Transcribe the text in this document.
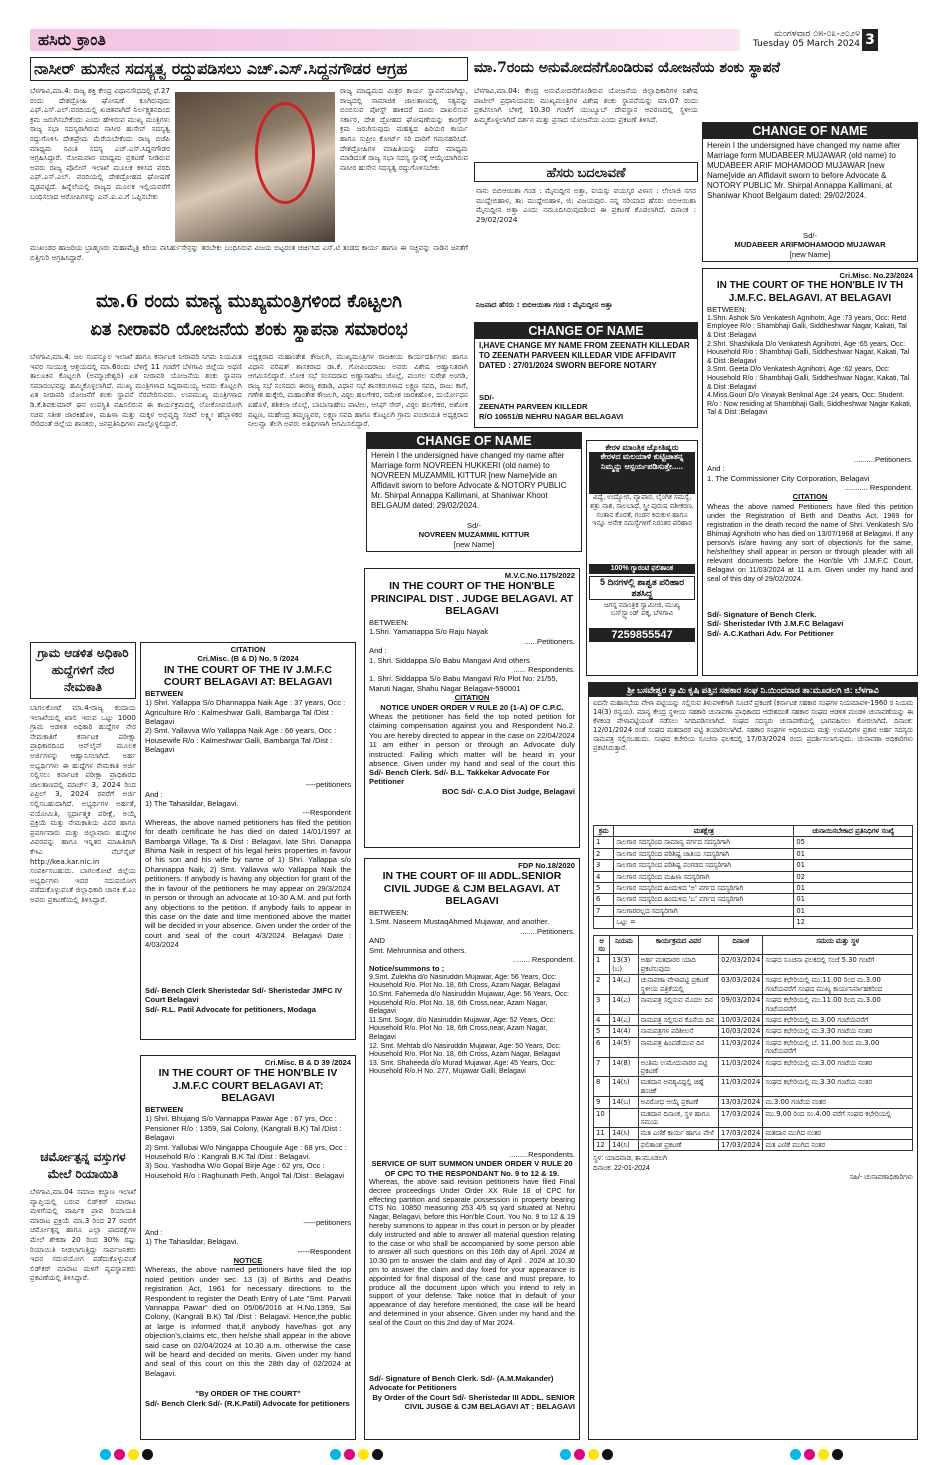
ಹಸಿರು ಕ್ರಾಂತಿ	ಮಂಗಳವಾರ ೦೫-೦೩-೨೦೨೪
Tuesday 05 March 2024 3
ನಾಸೀರ್ ಹುಸೇನ ಸದಸ್ಯತ್ವ ರದ್ದುಪಡಿಸಲು ಎಚ್.ಎಸ್.ಸಿದ್ದನಗೌಡರ ಆಗ್ರಹ
ಬೆಳಗಾವಿ,ಮಾ.4: ರಾಜ್ಯ ಶಕ್ತಿ ಕೇಂದ್ರ ವಿಧಾನಸೌಧದಲ್ಲಿ ಫೆ.27 ರಂದು ದೇಶದ್ರೋಹಿ ಘೋಷಣೆ ಕೂಗಿರುವುದು ಎಫ್.ಎಸ್.ಎಲ್.ವರದಿಯಲ್ಲಿ ಖಚಿತವಾಗಿದೆ ನಿರ್ಲಕ್ಷ್ಯತನದಿಂದ ಕ್ರಮ ಜರುಗಿಸಬೇಕೆಂದು ಎಂದು ಹೇಳಿರುವ ಮುಖ್ಯ ಮಂತ್ರಿಗಳು ರಾಜ್ಯ ಸಭಾ ಸದಸ್ಯರಾಗಿರುವ ನಾಸೀರ ಹುಸೇನ್ ಸದಸ್ಯತ್ವ ರದ್ದುಗೊಳಿಸಿ ದೇಶಪ್ರೇಮ ಮೆರೆಯಬೇಕೆಂದು ರಾಜ್ಯ ಬಿಜೆಪಿ ಮಾಧ್ಯಮ ಸಮಿತಿ ಸದಸ್ಯ ಎಚ್.ಎಸ್.ಸಿದ್ದನಗೌಡರ ಆಗ್ರಹಿಸಿದ್ದಾರೆ. ಸೋಮವಾರ ಮಾಧ್ಯಮ ಪ್ರಕಟಣೆ ನೀಡಿರುವ ಅವರು ರಾಜ್ಯ ಪೊಲೀಸ್ ಇಲಾಖೆ ಮೂಲಕ ಕಳಿಸಿದ ವರದಿ ಎಫ್.ಎಸ್.ಎಲ್. ವರದಿಯಲ್ಲಿ ದೇಶದ್ರೋಹದ ಘೋಷಣೆ ದೃಢಪಟ್ಟಿದೆ. ಹಿನ್ನೆಲೆಯಲ್ಲಿ ರಾಜ್ಯದ ಮೂಲಕ ಇಲ್ಲಿಯವರೆಗೆ ಬಂಧಿಸಲಾದ ಆರೋಪಿಗಳನ್ನು ಎನ್.ಐ.ಎ.ಗೆ ಒಪ್ಪಿಸಬೇಕು
ರಾಜ್ಯ ಮಾಧ್ಯಮದ ಮಿತ್ರರ ಕಾರ್ಯ ಸ್ಥಾಪನೆಯಾಗಿದ್ದು, ರಾಜ್ಯದಲ್ಲಿ ಸಾಮಾಜಿಕ ಜಾಲತಾಣದಲ್ಲಿ ಸತ್ಯವನ್ನು ಬಿಂಬಿಸುವ ಪೋಸ್ಟ್ ಹಾಕಿದರೆ ದೂರು ದಾಖಲಿಸುವ ಸರ್ಕಾರ, ದೇಶ ದ್ರೋಹದ ಘೋಷಣೆಯನ್ನು ಕಾಂಗ್ರೆಸ್ ಕ್ರಮ ಜರುಗಿಸುವುದು ಮಹತ್ವದ ಹಿರಿಯರ ಕಾರ್ಯ ಹಾಗೂ ಸುಪ್ರೀಂ ಕೋರ್ಟ್ ಸರಿ ದಾರಿಗೆ ಗಮನಹರಿಸಿದೆ. ದೇಶದ್ರೋಹಿಗಳ ಮಾಹಿತಿಯನ್ನು ಪಡೆದ ಮಾಧ್ಯಮ ಮಾಡಿದಂತೆ ರಾಜ್ಯ ಸಭಾ ಸದಸ್ಯ ಸ್ಥಾನಕ್ಕೆ ಆಯ್ಕೆಯಾಗಿರುವ ನಾಸೀರ ಹುಸೇನ ಸದಸ್ಯತ್ವ ರದ್ದುಗೊಳಿಸಬೇಕು
ಮುಖಂಡರ ಹಾಜರಿಯ ಬ್ರಾಹ್ಮಣರು ಮಹಾಮೈತ್ರಿ ಕಿರಿಯ ನಾಸಿರ್ಹುಸೇನ್ರನ್ನು ತರಬೇಕು ಬಂಧಿಸಿರುವ ವಿಜಯ ಬಿಟ್ಟರಂತ ಚರ್ಚಿಸಿದ ಎಸ್.ಟಿ ತಂಡದ ಕಾರ್ಯ ಹಾಗೂ ಈ ಸಚ್ಚಿವನ್ನು ನಾಡಿನ ಜನತೆಗೆ ಬಿತ್ತಿಗುರಿ ಆಗ್ರಹಿಸಿದ್ದಾರೆ.
ಮಾ.6 ರಂದು ಮಾನ್ಯ ಮುಖ್ಯಮಂತ್ರಿಗಳಿಂದ ಕೊಟ್ಟಲಗಿ
ಏತ ನೀರಾವರಿ ಯೋಜನೆಯ ಶಂಕು ಸ್ಥಾಪನಾ ಸಮಾರಂಭ
ಬೆಳಗಾವಿ,ಮಾ.4: ಜಲ ಸಂಪನ್ಮೂಲ ಇಲಾಖೆ ಹಾಗೂ ಕರ್ನಾಟಕ ನೀರಾವರಿ ನಿಗಮ ನಿಯಮಿತ ಇವರ ಸಂಯುಕ್ತ ಆಶ್ರಯದಲ್ಲಿ ಮಾ.6ರಂದು ಬೆಳಿಗ್ಗೆ 11 ಗಂಟೆಗೆ ಬೆಳಗಾವಿ ಜಿಲ್ಲೆಯ ಅಥಣಿ ತಾಲೂಕಿನ ಕೊಟ್ಟಲಗಿ (ಅಮ್ಮಾಜೇಶ್ವರಿ) ಏತ ನೀರಾವರಿ ಯೋಜನೆಯ ಶಂಕು ಸ್ಥಾಪನಾ ಸಮಾರಂಭವನ್ನು ಹಮ್ಮಿಕೊಳ್ಳಲಾಗಿದೆ. ಮುಖ್ಯ ಮಂತ್ರಿಗಳಾದ ಸಿದ್ದರಾಮಯ್ಯ ಅವರು ಕೊಟ್ಟಲಗಿ ಏತ ನೀರಾವರಿ ಯೋಜನೆಗೆ ಶಂಕು ಸ್ಥಾಪನೆ ನೆರವೇರಿಸುವರು. ಉಪಮುಖ್ಯ ಮಂತ್ರಿಗಳಾದ ಡಿ.ಕೆ.ಶಿವಕುಮಾರ್ ಘನ ಉಪಸ್ಥಿತಿ ವಹಿಸಲಿರುವ ಈ ಕಾರ್ಯಕ್ರಮದಲ್ಲಿ ಲೋಕೋಪಯೋಗಿ ಸಚಿವ ಸತೀಶ ಜಾರಕಿಹೊಳಿ, ಮಹಿಳಾ ಮತ್ತು ಮಕ್ಕಳ ಅಭಿವೃದ್ಧಿ ಸಚಿವೆ ಲಕ್ಷ್ಮೀ ಹೆಬ್ಬಾಳಕರ ಸೇರಿದಂತೆ ಜಿಲ್ಲೆಯ ಶಾಸಕರು, ಜನಪ್ರತಿನಿಧಿಗಳು ಪಾಲ್ಗೊಳ್ಳಲಿದ್ದಾರೆ.
ಅಧ್ಯಕ್ಷರಾದ ಮಹಾಂತೇಶ ಕೌಜಲಗಿ, ಮುಖ್ಯಮಂತ್ರಿಗಳ ರಾಜಕೀಯ ಕಾರ್ಯದರ್ಶಿಗಳು ಹಾಗೂ ವಿಧಾನ ಪರಿಷತ್ ಶಾಸಕರಾದ ಡಾ.ಕೆ. ಗೋವಿಂದರಾಜು ಅವರು ವಿಶೇಷ ಆಹ್ವಾನಿತರಾಗಿ ಆಗಮಿಸಲಿದ್ದಾರೆ. ಲೋಕ ಸಭೆ ಸಂಸದರಾದ ಅಣ್ಣಾಸಾಹೇಬ ಜೊಲ್ಲೆ, ಮಂಗಲ ಸುರೇಶ ಅಂಗಡಿ, ರಾಜ್ಯ ಸಭೆ ಸಂಸದರು ಈರಣ್ಣ ಕಡಾಡಿ, ವಿಧಾನ ಸಭೆ ಶಾಸಕರುಗಳಾದ ಲಕ್ಷ್ಮಣ ಸವದಿ, ರಾಜು ಕಾಗೆ, ಗಣೇಶ ಹುಕ್ಕೇರಿ, ಮಹಾಂತೇಶ ಕೌಜಲಗಿ, ವಿಠ್ಠಲ ಹಲಗೇಕರ, ರಮೇಶ ಜಾರಕಿಹೊಳಿ, ದುರ್ಯೋಧನ ಐಹೊಳೆ, ಶಶಿಕಲಾ ಜೊಲ್ಲೆ, ಬಾಬಾಸಾಹೇಬ ಪಾಟೀಲ, ಆಸಿಫ್ ಸೇಠ್, ವಿಠ್ಠಲ ಹಲಗೇಕರ, ಅಶೋಕ ಪಟ್ಟಣ, ಮಹೇಂದ್ರ ತಮ್ಮಣ್ಣವರ, ಲಕ್ಷ್ಮಣ ಸವದಿ ಹಾಗೂ ಕೊಟ್ಟಲಗಿ ಗ್ರಾಮ ಪಂಚಾಯತಿ ಅಧ್ಯಕ್ಷರಾದ ನೀಲವ್ವಾ ತೆಲಗಿ ಅವರು ಅತಿಥಿಗಳಾಗಿ ಆಗಮಿಸಲಿದ್ದಾರೆ.
ಮಾ.7ರಂದು ಅನುಮೋದನೆಗೊಂಡಿರುವ ಯೋಜನೆಯ ಶಂಕು ಸ್ಥಾಪನೆ
ಬೆಳಗಾವಿ,ಮಾ.04: ಕೇಂದ್ರ ಅನುಮೋದನೆಗೊಂಡಿರುವ ಯೋಜನೆಯ ಜಿಲ್ಲಾಧಿಕಾರಿಗಳ ನಿಶೇಷ ಪಾಟೀಲ್ ಪ್ರಧಾನಿಯವರು ಮುಖ್ಯಮಂತ್ರಿಗಳ ವಿಶೇಷ ಶಂಕು ಸ್ಥಾಪನೆಯನ್ನು ಮಾ.07 ರಂದು ಪ್ರಕಟಿಸಲಾಗಿ ಬೆಳಿಗ್ಗೆ 10.30 ಗಂಟೆಗೆ ಯುಟ್ಯೂಬ್ ದೇವಸ್ಥಾನ ಆವರಣದಲ್ಲಿ ಸ್ಥಳೀಯ ಹಿಮ್ಮಕೊಳ್ಳಲಾಗಿದೆ ದರ್ಶನ ಮತ್ತು ಪ್ರಸಾದ ಯೋಜನೆಯ ಎಂದು ಪ್ರಕಟಣೆ ತಿಳಿಸಿದೆ.
ಹೆಸರು ಬದಲಾವಣೆ
ನಾನು ಬಿಬಿಆಯಿಶಾ ಗಂಡ : ಮೈನುದ್ದೀನ ಅತ್ತಾ, ವಯಸ್ಸು ವಯಸ್ಕರ ವಿಳಾಸ : ಲೇಲಾಜಿ ನಗರ ಮುದ್ದೇಬಿಹಾಳ, ತಾ: ಮುದ್ದೇಬಿಹಾಳ, ಜಿ: ವಿಜಯಪುರ. ನನ್ನ ಸರಿಯಾದ ಹೆಸರು ಬಿಬಿಆಯಿಶಾ ಮೈನುದ್ದೀನ ಅತ್ತಾ ಎಂದು ನಮೂದಿಸಿರುವುದರಿಂದ ಈ ಪ್ರಕಟಣೆ ಕೊಡಲಾಗಿದೆ. ದಿನಾಂಕ : 29/02/2024
ನಿಜವಾದ ಹೆಸರು : ಬಿಬಿಆಯಿಶಾ ಗಂಡ : ಮೈನುದ್ದೀನ ಅತ್ತಾ
CHANGE OF NAME
Herein I the undersigned have changed my name after Marriage form MUDABEER MUJAWAR (old name) to MUDABEER ARIF MOHAMOOD MUJAWAR [new Name]vide an Affidavit sworn to before Advocate & NOTORY PUBLIC Mr. Shirpal Annappa Kallimani, at Shaniwar Khoot Belgaum dated: 29/02/2024.
Sd/-
MUDABEER ARIFMOHAMOOD MUJAWAR
[new Name]
Cri.Misc. No.23/2024
IN THE COURT OF THE HON'BLE IV TH J.M.F.C. BELAGAVI. AT BELAGAVI
BETWEEN:
1.Shri. Ashok S/o Venkatesh Agnihotri, Age :73 years, Occ: Retd Employee R/o : Shambhaji Galli, Siddheshwar Nagar, Kakati, Tal & Dist :Belagavi
2.Shri. Shashikala D/o Venkatesh Agnihotri, Age :65 years, Occ: Household R/o : Shambhaji Galli, Siddheshwar Nagar, Kakati, Tal & Dist :Belagavi
3.Smt. Geeta D/o Venkatesh Agnihotri, Age :62 years, Occ: Household R/o : Shambhaji Galli, Siddheshwar Nagar, Kakati, Tal & Dist :Belagavi
4.Miss.Gouri D/o Vinayak Benknal Age :24 years, Occ: Student. R/o : Now residing at Shambhaji Galli, Siddheshwar Nagar Kakati, Tal & Dist :Belagavi
..........Petitioners.
And :
1. The Commissioner City Corporation, Belagavi
........... Respondent.
CITATION
Wheas the above named Petitioners have filed this petition under the Registration of Birth and Deaths Act, 1969 for registration in the death record the name of Shri. Venkatesh S/o Bhimaji Agnihotri who has died on 13/07/1968 at Belagavi. If any person/s is/are having any sort of objection/s for the same, he/she/they shall appear in person or through pleader with all relevant documents before the Hon'ble Vth J.M.F.C Court, Belagavi on 11/03/2024 at 11 a.m. Given under my hand and seal of this day of 29/02/2024.
Sd/- Signature of Bench Clerk.
Sd/- Sheristedar IVth J.M.F.C Belagavi
Sd/- A.C.Kathari Adv. For Petitioner
CHANGE OF NAME
I,HAVE CHANGE MY NAME FROM ZEENATH KILLEDAR TO ZEENATH PARVEEN KILLEDAR VIDE AFFIDAVIT DATED : 27/01/2024 SWORN BEFORE NOTARY
SD/-
ZEENATH PARVEEN KILLEDR
R/O 10651/B NEHRU NAGAR BELAGAVI
CHANGE OF NAME
Herein I the undersigned have changed my name after Marriage form NOVREEN HUKKERI (old name) to NOVREEN MUZAMMIL KITTUR [new Name]vide an Affidavit sworn to before Advocate & NOTORY PUBLIC Mr. Shirpal Annappa Kallimani, at Shaniwar Khoot BELGAUM dated: 29/02/2024.
Sd/-
NOVREEN MUZAMMIL KITTUR
[new Name]
ಕೇರಳ ಮಾಂತ್ರಿಕ ಜ್ಯೋತಿಷ್ಯರು
ಕೇರಳದ ಮಲಯಾಳಿ ಕುಟ್ಟಿಚಾತನ್ನ ನಿಮ್ಮನ್ನು ಆಸ್ಪರ್ಯಪಡಿಸುತ್ತೇ.....
ವಿದ್ಯೆ, ಉದ್ಯೋಗ, ವ್ಯಾಪಾರ, ಲೈಂಗಿಕ ಸಮಸ್ಯೆ, ಶತ್ರು ನಾಶ, ಸಾಲಬಾಧೆ, ಸ್ತ್ರೀ ಪುರುಷ ವಶೀಕರಣ, ಸಂತಾನ ಕೊರತೆ, ಗಂಡನ ಕಿರುಕುಳ ಹಾಗೂ ಇನ್ನೂ ಅನೇಕ ಸಮಸ್ಯೆಗಳಿಗೆ ನಿರಂತರ ಪರಿಹಾರ
100% ಗ್ಯಾರಂಟಿ ಫಲಿತಾಂಶ
5 ದಿನಗಳಲ್ಲಿ ಶಾಶ್ವತ ಪರಿಹಾರ ಶತಸಿದ್ಧ
ಜಗನ್ನ ಮಾಂತ್ರಿಕ ಸ್ವಾಮೀಜಿ, ಮುಖ್ಯ ಬಸ್‌ಸ್ಟ್ಯಾಂಡ್ ಪಕ್ಕ, ಬೆಳಗಾವಿ
7259855547
ಗ್ರಾಮ ಆಡಳಿತ ಅಧಿಕಾರಿ ಹುದ್ದೆಗಳಿಗೆ ನೇರ ನೇಮಕಾತಿ
ಬಾಗಲಕೋಟೆ ಮಾ.4-ರಾಜ್ಯ ಕಂದಾಯ ಇಲಾಖೆಯಲ್ಲಿ ಖಾಲಿ ಇರುವ ಒಟ್ಟು 1000 ಗ್ರಾಮ ಆಡಳಿತ ಅಧಿಕಾರಿ ಹುದ್ದೆಗಳ ನೇರ ನೇಮಕಾತಿಗೆ ಕರ್ನಾಟಕ ಪರೀಕ್ಷಾ ಪ್ರಾಧಿಕಾರದಿಂದ ಆನ್‌ಲೈನ್ ಮೂಲಕ ಅರ್ಜಿಗಳನ್ನು ಆಹ್ವಾನಿಸಲಾಗಿದೆ. ಅರ್ಹ ಅಭ್ಯರ್ಥಿಗಳು ಈ ಹುದ್ದೆಗಳ ನೇಮಕಾತಿ ಅರ್ಜಿ ಸಲ್ಲಿಸಲು ಕರ್ನಾಟಕ ಪರೀಕ್ಷಾ ಪ್ರಾಧಿಕಾರದ ಜಾಲತಾಣದಲ್ಲಿ ಮಾರ್ಚ್ 3, 2024 ರಿಂದ ಏಪ್ರಿಲ್ 3, 2024 ರವರೆಗೆ ಅರ್ಜಿ ಸಲ್ಲಿಸಬಹುದಾಗಿದೆ. ಅಭ್ಯರ್ಥಿಗಳ ಅರ್ಹತೆ, ವಯೋಮಿತಿ, ಸ್ಪರ್ಧಾತ್ಮಕ ಪರೀಕ್ಷೆ, ಅಯ್ಕೆ ಪ್ರಕ್ರಿಯೆ ಮತ್ತು ನೇಮಕಾತಿಯ ವಿವರ ಹಾಗೂ ಪ್ರವರ್ಗವಾರು ಮತ್ತು ಜಿಲ್ಲಾವಾರು ಹುದ್ದೆಗಳ ವಿವರವನ್ನು ಹಾಗೂ ಇನ್ನಿತರ ಮಾಹಿತಿಗಾಗಿ ಕೆಇಎ ವೆಬ್‌ಸೈಟ್ http://kea.kar.nic.in ಸಂಪರ್ಕಿಸಬಹುದು. ಬಾಗಲಕೋಟೆ ಜಿಲ್ಲೆಯ ಅಭ್ಯರ್ಥಿಗಳು ಇದರ ಸದುಪಯೋಗ ಪಡೆದುಕೊಳ್ಳುವಂತೆ ಜಿಲ್ಲಾಧಿಕಾರಿ ಜಾನಕಿ ಕೆ.ಎಂ ಅವರು ಪ್ರಕಟಣೆಯಲ್ಲಿ ತಿಳಿಸಿದ್ದಾರೆ.
ಚರ್ಮೋತ್ಪನ್ನ ವಸ್ತುಗಳ ಮೇಲೆ ರಿಯಾಯಿತಿ
ಬೆಳಗಾವಿ,ಮಾ.04 ಸಮಾಜ ಕಲ್ಯಾಣ ಇಲಾಖೆ ವ್ಯಾಪ್ತಿಯಲ್ಲಿ ಬರುವ ಲಿಡ್‌ಕರ್ ಮಾರಾಟ ಮಳಿಗೆಯಲ್ಲಿ ವಾರ್ಷಿಕ ಪ್ರಾವ ರಿಯಾಯತಿ ಮಾರಾಟ ಪ್ರಕ್ರಿಯೆ ಮಾ.3 ರಿಂದ 27 ರವರೆಗೆ ಚರ್ಮೋತ್ಪನ್ನ ಹಾಗೂ ಎಲ್ಲಾ ಪಾದರಕ್ಷೆಗಳ ಮೇಲೆ ಶೇಕಡಾ 20 ರಿಂದ 30% ರಷ್ಟು ರಿಯಾಯಿತಿ ನೀಡಲಾಗುತ್ತಿದ್ದು ಸಾರ್ವಜನಿಕರು ಇದರ ಸದುಪಯೋಗ ಪಡೆದುಕೊಳ್ಳುವಂತೆ ಲಿಡ್‌ಕರ್ ಮಾರಾಟ ಮಳಿಗೆ ವ್ಯವಸ್ಥಾಪಕರು ಪ್ರಕಟಣೆಯಲ್ಲಿ ತಿಳಿಸಿದ್ದಾರೆ.
CITATION
Cri.Misc. (B & D) No. 5 /2024
IN THE COURT OF THE IV J.M.F.C COURT BELAGAVI AT: BELAGAVI
BETWEEN
1) Shri. Yallappa S/o Dhannappa Naik Age : 37 years, Occ : Agriculture R/o : Kalmeshwar Galli, Bambarga Tal /Dist : Belagavi
2) Smt. Yallavva W/o Yallappa Naik Age : 66 years, Occ : Housewife R/o : Kalmeshwar Galli, Bambarga Tal /Dist : Belagavi
----petitioners
And :
1) The Tahasildar, Belagavi.
---Respondent
Whereas, the above named petitioners has filed the petition for death certificate he has died on dated 14/01/1997 at Bambarga Village, Ta & Dist : Belagavi, late Shri. Danappa Bhima Naik in respect of his legal heirs properties in favour of his son and his wife by name of 1) Shri. Yallappa s/o Dhannappa Naik, 2) Smt. Yallavva w/o Yallappa Naik the petitioners. If anybody is having any objection for grant of the the in favour of the petitioners he may appear on 29/3/2024 in person or through an advocate at 10-30 A.M. and put forth any objections to the petition. If anybody fails to appear in this case on the date and time mentioned above the matter will be decided in your absence. Given under the order of the court and seal of the court 4/3/2024. Belagavi Date : 4/03/2024
Sd/- Bench Clerk Sheristedar Sd/- Sheristedar JMFC IV Court Belagavi
Sd/- R.L. Patil Advocate for petitioners, Modaga
Cri.Misc. B & D 39 /2024
IN THE COURT OF THE HON'BLE IV J.M.F.C COURT BELAGAVI AT: BELAGAVI
BETWEEN
1) Shri. Bhujang S/o Vannappa Pawar Age : 67 yrs, Occ : Pensioner R/o : 1359, Sai Colony, (Kangrali B.K) Tal /Dist : Belagavi
2) Smt. Yallubai W/o Ningappa Chougule Age : 68 yrs, Occ : Household R/o : Kangrali B.K Tal /Dist : Belagavi.
3) Sou. Yashodha W/o Gopal Birje Age : 62 yrs, Occ : Household R/o : Raghunath Peth, Angol Tal /Dist : Belagavi
-----petitioners
And :
1) The Tahasildar, Belagavi.
-----Respondent
NOTICE
Whereas, the above named petitioners have filed the top noted petition under sec. 13 (3) of Births and Deaths registration Act, 1961 for necessary directions to the Respondent to register the Death Entry of Late "Smt. Parvati Vannappa Pawar" died on 05/06/2016 at H.No.1359, Sai Colony, (Kangrali B.K) Tal /Dist : Belagavi. Hence,the public at large is informed that,if anybody have/has got any objection's,claims etc, then he/she shall appear in the above said case on 02/04/2024 at 10.30 a.m. otherwise the case will be heard and decided on merits. Given under my hand and seal of this court on this the 28th day of 02/2024 at Belagavi.
"By ORDER OF THE COURT"
Sd/- Bench Clerk Sd/- (R.K.Patil) Advocate for petitioners
M.V.C.No.1175/2022
IN THE COURT OF THE HON'BLE PRINCIPAL DIST . JUDGE BELAGAVI. AT BELAGAVI
BETWEEN:
1.Shri. Yamanappa S/o Raju Nayak
......Petitioners.
And :
1. Shri. Siddappa S/o Babu Mangavi And others
...... Respondents.
1. Shri. Siddappa S/o Babu Mangavi R/o Plot No: 21/55, Maruti Nagar, Shahu Nagar Belagavi-590001
CITATION
NOTICE UNDER ORDER V RULE 20 (1-A) OF C.P.C.
Wheas the petitioner has field the top noted petition for claiming compensation against you and Respondent No.2. You are hereby directed to appear in the case on 22/04/2024 11 am either in person or through an Advocate duly instructed. Failing which matter will be heard in your absence. Given under my hand and seal of the court this
Sd/- Bench Clerk. Sd/- B.L. Takkekar Advocate For Petitioner
BOC Sd/- C.A.O Dist Judge, Belagavi
FDP No.18/2020
IN THE COURT OF III ADDL.SENIOR CIVIL JUDGE & CJM BELAGAVI. AT BELAGAVI
BETWEEN:
1.Smt. Naseem MustaqAhmed Mujawar, and another.
........Petitioners.
AND
Smt. Mehrunnisa and others.
........ Respondent.
Notice/summons to ;
9.Smt. Zulekha d/o Nasiruddin Mujawar, Age: 56 Years, Occ: Household R/o. Plot No. 18, 6th Cross, Azam Nagar, Belagavi
10.Smt. Fahemeda d/o Nasiruddin Mujawar, Age: 56 Years, Occ: Household R/o. Plot No. 18, 6th Cross,near, Azam Nagar, Belagavi
11.Smt. Sogar, d/o Nasiruddin Mujawar, Age: 52 Years, Occ: Household R/o. Plot No. 18, 6th Cross,near, Azam Nagar, Belagavi
12. Smt. Mehtab d/o Nasiruddin Mujawar, Age: 50 Years, Occ: Household R/o. Plot No. 18, 6th Cross, Azam Nagar, Belagavi
13. Smt. Shaheeda d/o Murad Mujawar, Age: 45 Years, Occ: Household R/o.H No. 277, Mujawar Galli, Belagavi
.........Respondents.
SERVICE OF SUIT SUMMON UNDER ORDER V RULE 20 OF CPC TO THE RESPONDANT No. 9 to 12 & 19.
Whereas, the above said revision petitioners have filed Final decree proceedings Under Order XX Rule 18 of CPC for effecting partition and separate possession in property bearing CTS No. 10850 measuring 253 4/5 sq yard situated at Nehru Nagar, Belagavi, before this Hon'ble Court. You No. 9 to 12 & 19 hereby summons to appear in this court in person or by pleader duly instructed and able to answer all material question relating to the case or who shall be accompanied by some person able to answer all such questions on this 16th day of April. 2024 at 10.30 pm to answer the claim and day of April . 2024 at 10.30 pm to answer the claim and day fixed for your appearance is appointed for final disposal of the case and must prepare, to produce all the document upon which you intend to rely in support of your defense. Take notice that in default of your appearance of day herefore mentioned, the case will be heard and determined in your absence. Given under my hand and the seal of the Court on this 2nd day of Mar 2024.
Sd/- Signature of Bench Clerk. Sd/- (A.M.Makander) Advocate for Petitioners
By Order of the Court Sd/- Sheristedar III ADDL. SENIOR CIVIL JUSGE & CJM BELAGAVI AT : BELAGAVI
ಶ್ರೀ ಬಸವೇಶ್ವರ ಸ್ವಾಮಿ ಕೃಷಿ ಪತ್ತಿನ ಸಹಕಾರ ಸಂಘ ನಿ.ಯಿಂದವಾಡ ತಾ:ಮೂಡಲಗಿ ಜಿ: ಬೆಳಗಾವಿ
ಐದನೇ ಮಹಾಸಭೆಯ ವೇಳಾ ಪಟ್ಟಿಯನ್ನು ಸಲ್ಲಿಸುವ ತಿಳುವಳಿಕೆಗಾಗಿ ಸೂಚನೆ ಪ್ರಕಟಣೆ (ಕರ್ನಾಟಕ ಸಹಕಾರ ಸಂಘಗಳ ನಿಯಮಾವಳಿ-1960 ರ ನಿಯಮ 14(3) ರನ್ವಯ). ಮಾನ್ಯ ಕೇಂದ್ರ ಸ್ಥಳೀಯ ಸಹಕಾರಿ ಚುನಾವಣಾ ಪ್ರಾಧಿಕಾರದ ಆದೇಶದಂತೆ ಸಹಕಾರ ಸಂಘದ ಆಡಳಿತ ಮಂಡಳಿ ಚುನಾವಣೆಯನ್ನು ಈ ಕೆಳಕಂಡ ವೇಳಾಪಟ್ಟಿಯಂತೆ ನಡೆಸಲು ನಿಗದಿಪಡಿಸಲಾಗಿದೆ. ಸಂಘದ ಸದಸ್ಯರು ಚುನಾವಣೆಯಲ್ಲಿ ಭಾಗವಹಿಸಲು ಕೋರಲಾಗಿದೆ. ದಿನಾಂಕ: 12/01/2024 ರಂತೆ ಸಂಘದ ಮತದಾರರ ಪಟ್ಟಿ ತಯಾರಿಸಲಾಗಿದೆ. ಸಹಕಾರ ಸಂಘಗಳ ಅಧಿನಿಯಮ ಮತ್ತು ಉಪವಿಧಿಗಳ ಪ್ರಕಾರ ಅರ್ಹ ಸದಸ್ಯರು ನಾಮಪತ್ರ ಸಲ್ಲಿಸಬಹುದು. ಸಂಘದ ಕಚೇರಿಯ ಸೂಚನಾ ಫಲಕದಲ್ಲಿ 17/03/2024 ರಂದು ಪ್ರದರ್ಶಿಸಲಾಗುವುದು. ಚುನಾವಣಾ ಅಧಿಕಾರಿಗಳು ಪ್ರಕಟಿಸಿರುತ್ತಾರೆ.
ಕ್ರಮ	ಮತಕ್ಷೇತ್ರ	ಚುನಾಯಿಸಬೇಕಾದ ಪ್ರತಿನಿಧಿಗಳ ಸಂಖ್ಯೆ
1	ಸಾಲಗಾರ ಸದಸ್ಯರಿಂದ ಸಾಮಾನ್ಯ ವರ್ಗದ ಸದಸ್ಯರಿಗಾಗಿ	05
2	ಸಾಲಗಾರ ಸದಸ್ಯರಿಂದ ಪರಿಶಿಷ್ಟ ಜಾತಿಯ ಸದಸ್ಯರಿಗಾಗಿ	01
3	ಸಾಲಗಾರ ಸದಸ್ಯರಿಂದ ಪರಿಶಿಷ್ಟ ಪಂಗಡದ ಸದಸ್ಯರಿಗಾಗಿ	01
4	ಸಾಲಗಾರ ಸದಸ್ಯರಿಂದ ಮಹಿಳಾ ಸದಸ್ಯರಿಗಾಗಿ	02
5	ಸಾಲಗಾರ ಸದಸ್ಯರಿಂದ ಹಿಂದುಳಿದ 'ಅ' ವರ್ಗದ ಸದಸ್ಯರಿಗಾಗಿ	01
6	ಸಾಲಗಾರ ಸದಸ್ಯರಿಂದ ಹಿಂದುಳಿದ 'ಬ' ವರ್ಗದ ಸದಸ್ಯರಿಗಾಗಿ	01
7	ಸಾಲಗಾರರಲ್ಲದ ಸದಸ್ಯರಿಗಾಗಿ	01
	ಒಟ್ಟು =	12
ಅ ಸಂ	ನಿಯಮ	ಕಾರ್ಯಕ್ರಮದ ವಿವರ	ದಿನಾಂಕ	ಸಮಯ ಮತ್ತು ಸ್ಥಳ
1	13(3)(ಬ)	ಅರ್ಹ ಮತದಾರರ ಯಾದಿ ಪ್ರಕಟಿಸುವುದು	02/03/2024	ಸಂಘದ ಸೂಚನಾ ಫಲಕದಲ್ಲಿ ಸಂಜೆ 5.30 ಗಂಟೆಗೆ
2	14(ಎ)	ಚುನಾವಣಾ ವೇಳಾಪಟ್ಟಿ ಪ್ರಕಟಣೆ ಸ್ಥಳೀಯ ಪತ್ರಿಕೆಯಲ್ಲಿ	03/03/2024	ಸಂಘದ ಕಛೇರಿಯಲ್ಲಿ ಮು.11.00 ರಿಂದ ಮ.3.00 ಗಂಟೆಯವರೆಗೆ ಸಂಘದ ಮುಖ್ಯ ಕಾರ್ಯನಿರ್ವಾಹಕರಿಂದ
3	14(ಎ)	ನಾಮಪತ್ರ ಸಲ್ಲಿಸುವ ಮೊದಲ ದಿನ	09/03/2024	ಸಂಘದ ಕಛೇರಿಯಲ್ಲಿ ಮು.11.00 ರಿಂದ ಮ.3.00 ಗಂಟೆಯವರೆಗೆ
4	14(ಎ)	ನಾಮಪತ್ರ ಸಲ್ಲಿಸುವ ಕೊನೆಯ ದಿನ	10/03/2024	ಸಂಘದ ಕಛೇರಿಯಲ್ಲಿ ಮ.3.00 ಗಂಟೆಯವರೆಗೆ
5	14(4)	ನಾಮಪತ್ರಗಳ ಪರಿಶೀಲನೆ	10/03/2024	ಸಂಘದ ಕಛೇರಿಯಲ್ಲಿ ಮ.3.30 ಗಂಟೆಯ ನಂತರ
6	14(5)	ನಾಮಪತ್ರ ಹಿಂಪಡೆಯುವ ದಿನ	11/03/2024	ಸಂಘದ ಕಛೇರಿಯಲ್ಲಿ ಬೆ. 11.00 ರಿಂದ ಮ.3.00 ಗಂಟೆಯವರೆಗೆ
7	14(8)	ಅಂತಿಮ ಉಮೇದುವಾರರ ಪಟ್ಟಿ ಪ್ರಕಟಣೆ	11/03/2024	ಸಂಘದ ಕಛೇರಿಯಲ್ಲಿ ಮ.3.00 ಗಂಟೆಯ ನಂತರ
8	14(ಸಿ)	ಮತದಾನ ಅವಶ್ಯವಿದ್ದಲ್ಲಿ ಚಿಹ್ನೆ ಹಂಚಿಕೆ	11/03/2024	ಸಂಘದ ಕಛೇರಿಯಲ್ಲಿ ಮ.3.30 ಗಂಟೆಯ ನಂತರ
9	14(ಬ)	ಅವಿರೋಧ ಆಯ್ಕೆ ಪ್ರಕಟಣೆ	13/03/2024	ಮ.3.00 ಗಂಟೆಯ ನಂತರ
10		ಮತದಾನ ದಿನಾಂಕ, ಸ್ಥಳ ಹಾಗೂ ಸಮಯ	17/03/2024	ಮು.9.00 ರಿಂದ ಸಂ.4.00 ವರೆಗೆ ಸಂಘದ ಕಛೇರಿಯಲ್ಲಿ
11	14(ಸಿ)	ಮತ ಎಣಿಕೆ ಕಾರ್ಯ ಹಾಗೂ ವೇಳೆ	17/03/2024	ಮತದಾನ ಮುಗಿದ ನಂತರ
12	14(ಸಿ)	ಫಲಿತಾಂಶ ಪ್ರಕಟಣೆ	17/03/2024	ಮತ ಎಣಿಕೆ ಮುಗಿದ ನಂತರ
ಸ್ಥಳ: ಯಾದವಾಡ, ತಾ:ಮೂಡಲಗಿ
ದಿನಾಂಕ: 22-01-2024
ಸಹಿ/- ಚುನಾವಣಾಧಿಕಾರಿಗಳು
